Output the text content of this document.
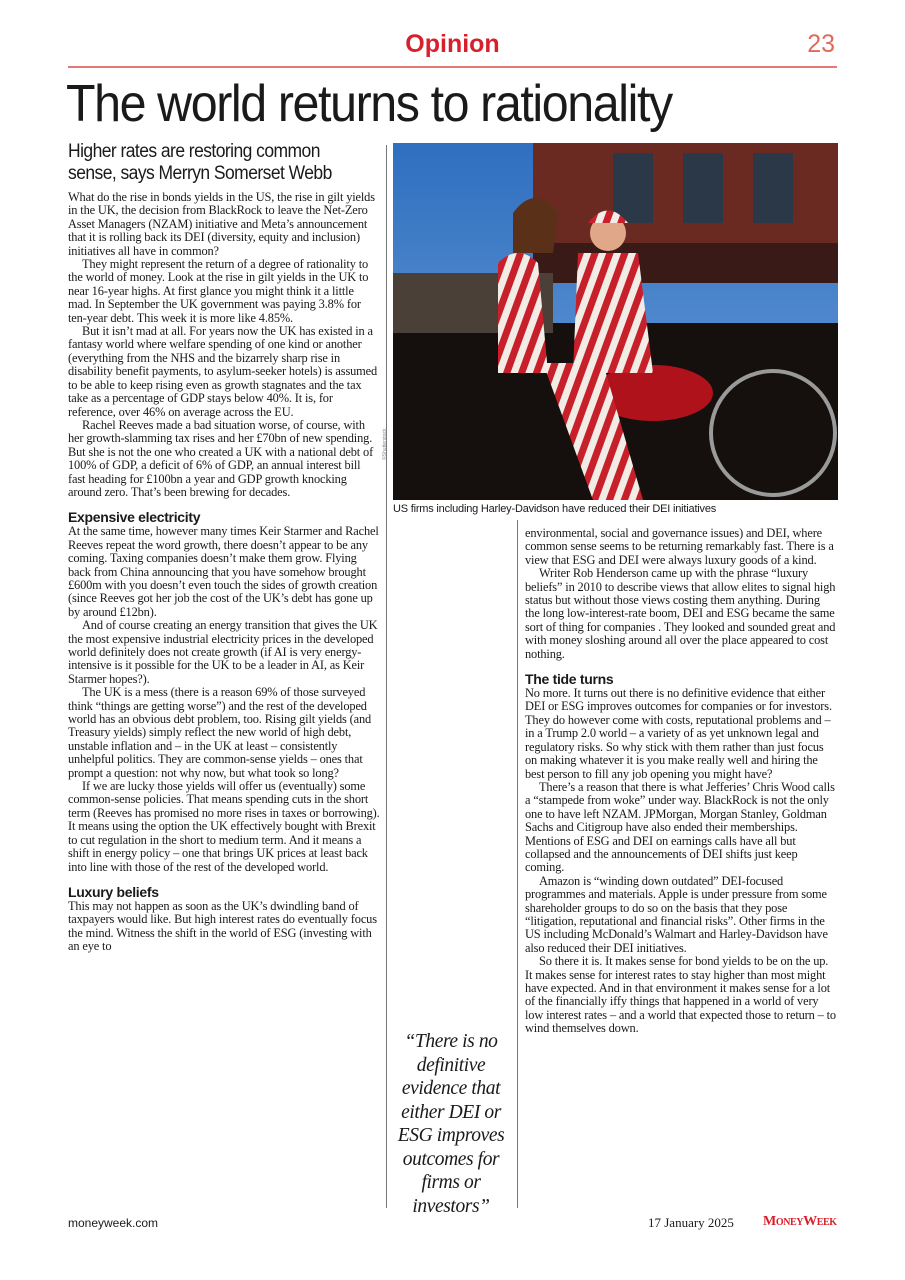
Opinion	23
The world returns to rationality
Higher rates are restoring common sense, says Merryn Somerset Webb

What do the rise in bonds yields in the US, the rise in gilt yields in the UK, the decision from BlackRock to leave the Net-Zero Asset Managers (NZAM) initiative and Meta’s announcement that it is rolling back its DEI (diversity, equity and inclusion) initiatives all have in common?

They might represent the return of a degree of rationality to the world of money. Look at the rise in gilt yields in the UK to near 16-year highs. At first glance you might think it a little mad. In September the UK government was paying 3.8% for ten-year debt. This week it is more like 4.85%.

But it isn’t mad at all. For years now the UK has existed in a fantasy world where welfare spending of one kind or another (everything from the NHS and the bizarrely sharp rise in disability benefit payments, to asylum-seeker hotels) is assumed to be able to keep rising even as growth stagnates and the tax take as a percentage of GDP stays below 40%. It is, for reference, over 46% on average across the EU.

Rachel Reeves made a bad situation worse, of course, with her growth-slamming tax rises and her £70bn of new spending. But she is not the one who created a UK with a national debt of 100% of GDP, a deficit of 6% of GDP, an annual interest bill fast heading for £100bn a year and GDP growth knocking around zero. That’s been brewing for decades.

Expensive electricity

At the same time, however many times Keir Starmer and Rachel Reeves repeat the word growth, there doesn’t appear to be any coming. Taxing companies doesn’t make them grow. Flying back from China announcing that you have somehow brought £600m with you doesn’t even touch the sides of growth creation (since Reeves got her job the cost of the UK’s debt has gone up by around £12bn).

And of course creating an energy transition that gives the UK the most expensive industrial electricity prices in the developed world definitely does not create growth (if AI is very energy-intensive is it possible for the UK to be a leader in AI, as Keir Starmer hopes?).

The UK is a mess (there is a reason 69% of those surveyed think “things are getting worse”) and the rest of the developed world has an obvious debt problem, too. Rising gilt yields (and Treasury yields) simply reflect the new world of high debt, unstable inflation and – in the UK at least – consistently unhelpful politics. They are common-sense yields – ones that prompt a question: not why now, but what took so long?

If we are lucky those yields will offer us (eventually) some common-sense policies. That means spending cuts in the short term (Reeves has promised no more rises in taxes or borrowing). It means using the option the UK effectively bought with Brexit to cut regulation in the short to medium term. And it means a shift in energy policy – one that brings UK prices at least back into line with those of the rest of the developed world.

Luxury beliefs

This may not happen as soon as the UK’s dwindling band of taxpayers would like. But high interest rates do eventually focus the mind. Witness the shift in the world of ESG (investing with an eye to

©Shutterstock
US firms including Harley-Davidson have reduced their DEI initiatives

environmental, social and governance issues) and DEI, where common sense seems to be returning remarkably fast. There is a view that ESG and DEI were always luxury goods of a kind.

Writer Rob Henderson came up with the phrase “luxury beliefs” in 2010 to describe views that allow elites to signal high status but without those views costing them anything. During the long low-interest-rate boom, DEI and ESG became the same sort of thing for companies . They looked and sounded great and with money sloshing around all over the place appeared to cost nothing.

The tide turns

No more. It turns out there is no definitive evidence that either DEI or ESG improves outcomes for companies or for investors. They do however come with costs, reputational problems and – in a Trump 2.0 world – a variety of as yet unknown legal and regulatory risks. So why stick with them rather than just focus on making whatever it is you make really well and hiring the best person to fill any job opening you might have?

There’s a reason that there is what Jefferies’ Chris Wood calls a “stampede from woke” under way. BlackRock is not the only one to have left NZAM. JPMorgan, Morgan Stanley, Goldman Sachs and Citigroup have also ended their memberships. Mentions of ESG and DEI on earnings calls have all but collapsed and the announcements of DEI shifts just keep coming.

Amazon is “winding down outdated” DEI-focused programmes and materials. Apple is under pressure from some shareholder groups to do so on the basis that they pose “litigation, reputational and financial risks”. Other firms in the US including McDonald’s Walmart and Harley-Davidson have also reduced their DEI initiatives.

So there it is. It makes sense for bond yields to be on the up. It makes sense for interest rates to stay higher than most might have expected. And in that environment it makes sense for a lot of the financially iffy things that happened in a world of very low interest rates – and a world that expected those to return – to wind themselves down.

“There is no definitive evidence that either DEI or ESG improves outcomes for firms or investors”
moneyweek.com	17 January 2025 MoneyWeek
